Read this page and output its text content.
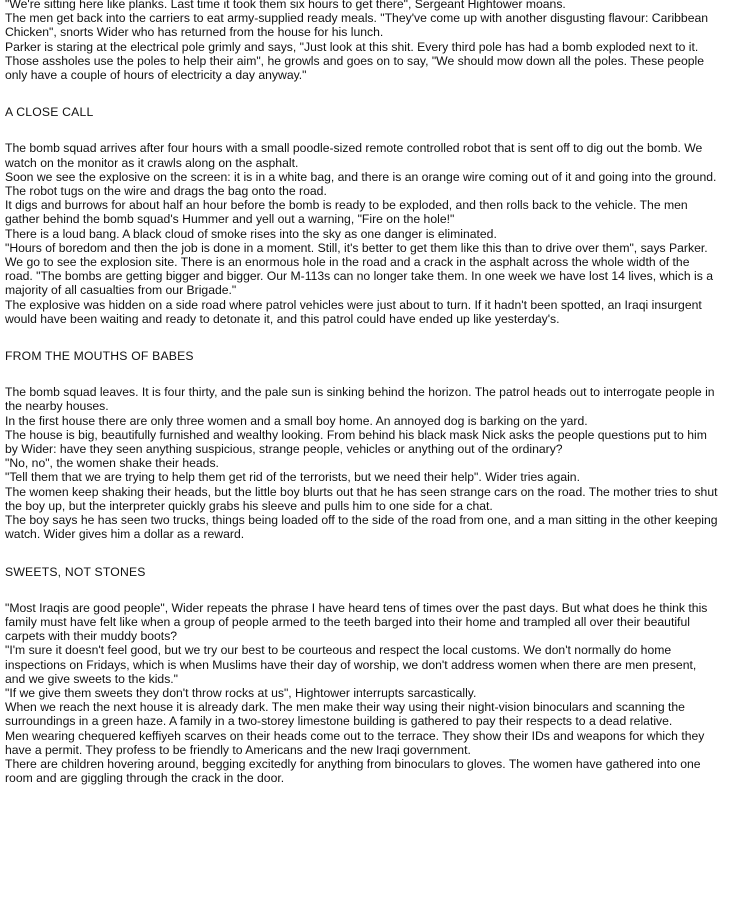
"We're sitting here like planks. Last time it took them six hours to get there", Sergeant Hightower moans.

The men get back into the carriers to eat army-supplied ready meals. "They've come up with another disgusting flavour: Caribbean Chicken", snorts Wider who has returned from the house for his lunch.

Parker is staring at the electrical pole grimly and says, "Just look at this shit. Every third pole has had a bomb exploded next to it. Those assholes use the poles to help their aim", he growls and goes on to say, "We should mow down all the poles. These people only have a couple of hours of electricity a day anyway."

A CLOSE CALL

The bomb squad arrives after four hours with a small poodle-sized remote controlled robot that is sent off to dig out the bomb. We watch on the monitor as it crawls along on the asphalt.

Soon we see the explosive on the screen: it is in a white bag, and there is an orange wire coming out of it and going into the ground. The robot tugs on the wire and drags the bag onto the road.

It digs and burrows for about half an hour before the bomb is ready to be exploded, and then rolls back to the vehicle. The men gather behind the bomb squad's Hummer and yell out a warning, "Fire on the hole!"

There is a loud bang. A black cloud of smoke rises into the sky as one danger is eliminated.

"Hours of boredom and then the job is done in a moment. Still, it's better to get them like this than to drive over them", says Parker.

We go to see the explosion site. There is an enormous hole in the road and a crack in the asphalt across the whole width of the road. "The bombs are getting bigger and bigger. Our M-113s can no longer take them. In one week we have lost 14 lives, which is a majority of all casualties from our Brigade."

The explosive was hidden on a side road where patrol vehicles were just about to turn. If it hadn't been spotted, an Iraqi insurgent would have been waiting and ready to detonate it, and this patrol could have ended up like yesterday's.

FROM THE MOUTHS OF BABES

The bomb squad leaves. It is four thirty, and the pale sun is sinking behind the horizon. The patrol heads out to interrogate people in the nearby houses.

In the first house there are only three women and a small boy home. An annoyed dog is barking on the yard.

The house is big, beautifully furnished and wealthy looking. From behind his black mask Nick asks the people questions put to him by Wider: have they seen anything suspicious, strange people, vehicles or anything out of the ordinary?

"No, no", the women shake their heads.

"Tell them that we are trying to help them get rid of the terrorists, but we need their help". Wider tries again.

The women keep shaking their heads, but the little boy blurts out that he has seen strange cars on the road. The mother tries to shut the boy up, but the interpreter quickly grabs his sleeve and pulls him to one side for a chat.

The boy says he has seen two trucks, things being loaded off to the side of the road from one, and a man sitting in the other keeping watch. Wider gives him a dollar as a reward.

SWEETS, NOT STONES

"Most Iraqis are good people", Wider repeats the phrase I have heard tens of times over the past days. But what does he think this family must have felt like when a group of people armed to the teeth barged into their home and trampled all over their beautiful carpets with their muddy boots?

"I'm sure it doesn't feel good, but we try our best to be courteous and respect the local customs. We don't normally do home inspections on Fridays, which is when Muslims have their day of worship, we don't address women when there are men present, and we give sweets to the kids."

"If we give them sweets they don't throw rocks at us", Hightower interrupts sarcastically.

When we reach the next house it is already dark. The men make their way using their night-vision binoculars and scanning the surroundings in a green haze. A family in a two-storey limestone building is gathered to pay their respects to a dead relative.

Men wearing chequered keffiyeh scarves on their heads come out to the terrace. They show their IDs and weapons for which they have a permit. They profess to be friendly to Americans and the new Iraqi government.

There are children hovering around, begging excitedly for anything from binoculars to gloves. The women have gathered into one room and are giggling through the crack in the door.
